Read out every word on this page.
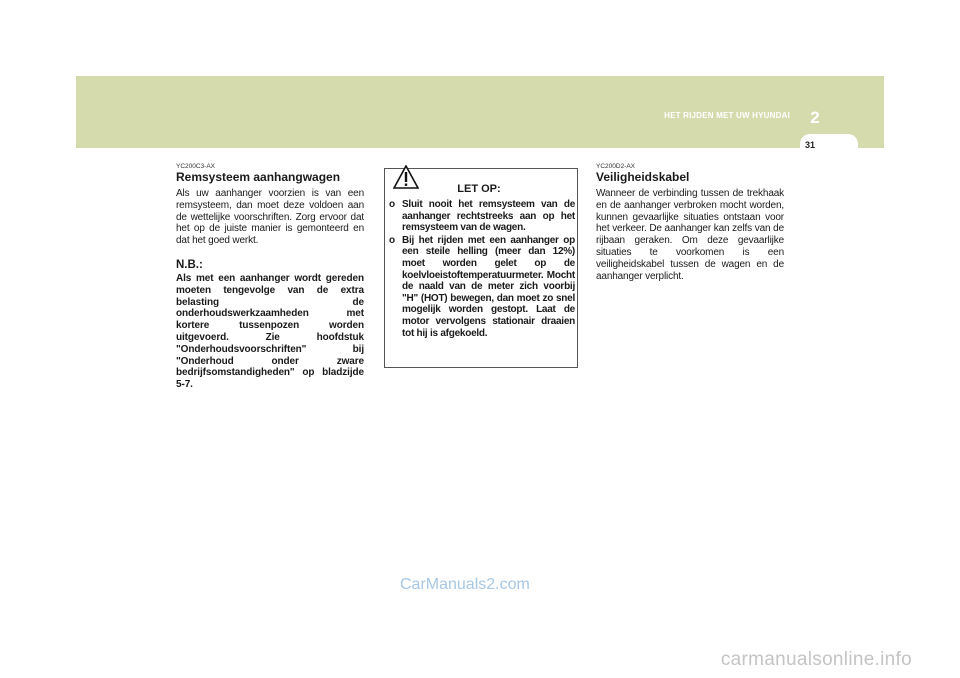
HET RIJDEN MET UW HYUNDAI	2
31
YC200C3-AX
Remsysteem aanhangwagen

Als uw aanhanger voorzien is van een remsysteem, dan moet deze voldoen aan de wettelijke voorschriften. Zorg ervoor dat het op de juiste manier is gemonteerd en dat het goed werkt.

N.B.:

Als met een aanhanger wordt gereden moeten tengevolge van de extra belasting de onderhoudswerkzaamheden met kortere tussenpozen worden uitgevoerd. Zie hoofdstuk "Onderhoudsvoorschriften" bij "Onderhoud onder zware bedrijfsomstandigheden" op bladzijde 5-7.

LET OP:
o Sluit nooit het remsysteem van de aanhanger rechtstreeks aan op het remsysteem van de wagen.
o Bij het rijden met een aanhanger op een steile helling (meer dan 12%) moet worden gelet op de koelvloeistoftemperatuurmeter. Mocht de naald van de meter zich voorbij "H" (HOT) bewegen, dan moet zo snel mogelijk worden gestopt. Laat de motor vervolgens stationair draaien tot hij is afgekoeld.
YC200D2-AX
Veiligheidskabel

Wanneer de verbinding tussen de trekhaak en de aanhanger verbroken mocht worden, kunnen gevaarlijke situaties ontstaan voor het verkeer. De aanhanger kan zelfs van de rijbaan geraken. Om deze gevaarlijke situaties te voorkomen is een veiligheidskabel tussen de wagen en de aanhanger verplicht.

CarManuals2.com
carmanualsonline.info
